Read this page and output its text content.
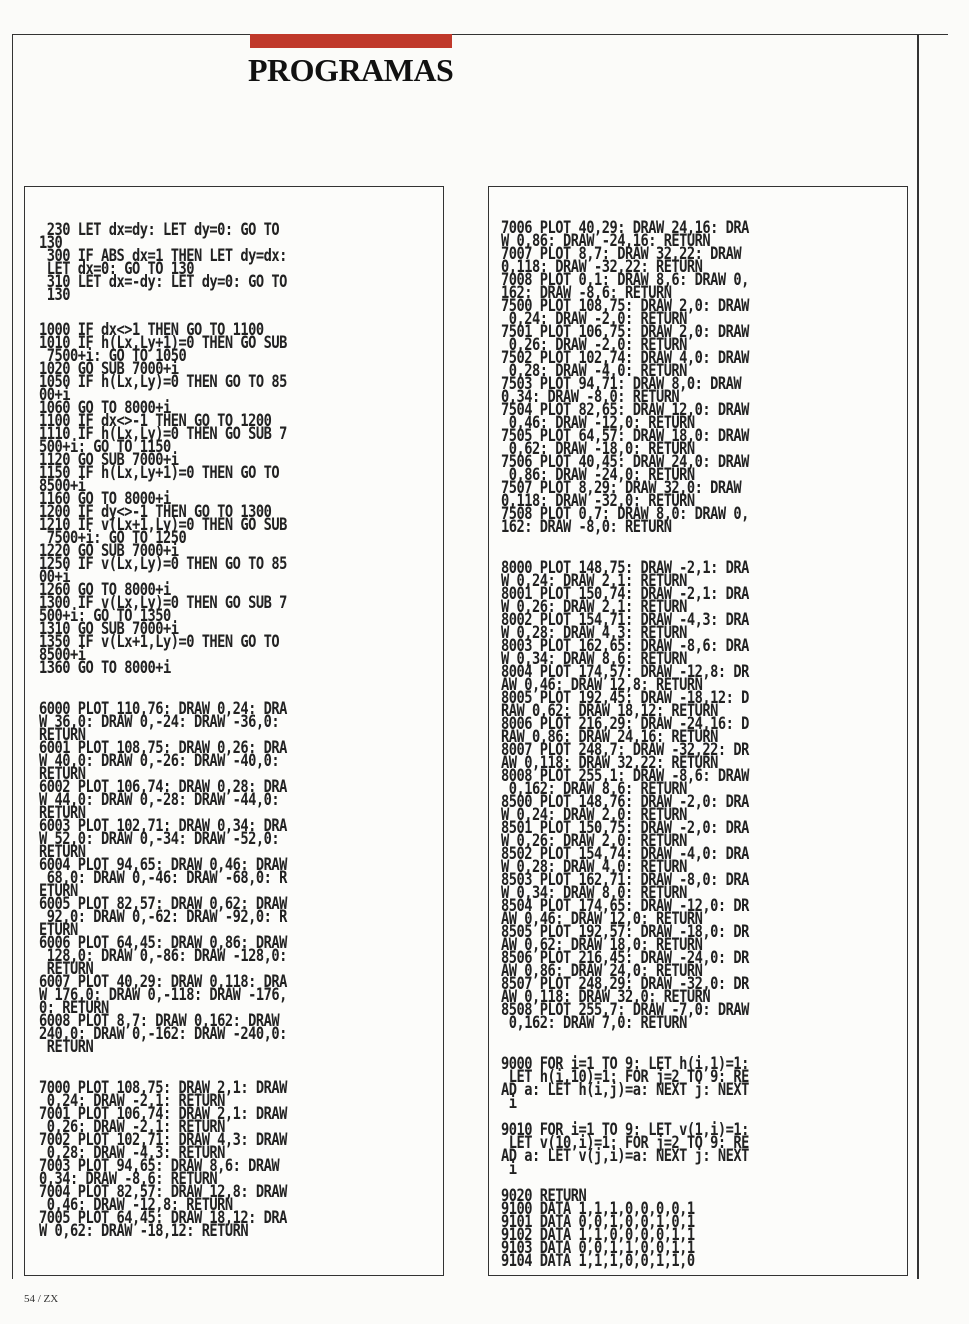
PROGRAMAS
230 LET dx=dy: LET dy=0: GO TO
130
300 IF ABS dx=1 THEN LET dy=dx:
LET dx=0: GO TO 130
310 LET dx=-dy: LET dy=0: GO TO
130
1000 IF dx<>1 THEN GO TO 1100
1010 IF h(Lx,Ly+1)=0 THEN GO SUB
7500+i: GO TO 1050
1020 GO SUB 7000+i
1050 IF h(Lx,Ly)=0 THEN GO TO 85
00+i
1060 GO TO 8000+i
1100 IF dx<>-1 THEN GO TO 1200
1110 IF h(Lx,Ly)=0 THEN GO SUB 7
500+i: GO TO 1150
1120 GO SUB 7000+i
1150 IF h(Lx,Ly+1)=0 THEN GO TO
8500+i
1160 GO TO 8000+i
1200 IF dy<>-1 THEN GO TO 1300
1210 IF v(Lx+1,Ly)=0 THEN GO SUB
7500+i: GO TO 1250
1220 GO SUB 7000+i
1250 IF v(Lx,Ly)=0 THEN GO TO 85
00+i
1260 GO TO 8000+i
1300 IF v(Lx,Ly)=0 THEN GO SUB 7
500+i: GO TO 1350
1310 GO SUB 7000+i
1350 IF v(Lx+1,Ly)=0 THEN GO TO
8500+i
1360 GO TO 8000+i
6000 PLOT 110,76: DRAW 0,24: DRA
W 36,0: DRAW 0,-24: DRAW -36,0:
RETURN
6001 PLOT 108,75: DRAW 0,26: DRA
W 40,0: DRAW 0,-26: DRAW -40,0:
RETURN
6002 PLOT 106,74: DRAW 0,28: DRA
W 44,0: DRAW 0,-28: DRAW -44,0:
RETURN
6003 PLOT 102,71: DRAW 0,34: DRA
W 52,0: DRAW 0,-34: DRAW -52,0:
RETURN
6004 PLOT 94,65: DRAW 0,46: DRAW
68,0: DRAW 0,-46: DRAW -68,0: R
ETURN
6005 PLOT 82,57: DRAW 0,62: DRAW
92,0: DRAW 0,-62: DRAW -92,0: R
ETURN
6006 PLOT 64,45: DRAW 0,86: DRAW
128,0: DRAW 0,-86: DRAW -128,0:
RETURN
6007 PLOT 40,29: DRAW 0,118: DRA
W 176,0: DRAW 0,-118: DRAW -176,
0: RETURN
6008 PLOT 8,7: DRAW 0,162: DRAW
240,0: DRAW 0,-162: DRAW -240,0:
RETURN
7000 PLOT 108,75: DRAW 2,1: DRAW
0,24: DRAW -2,1: RETURN
7001 PLOT 106,74: DRAW 2,1: DRAW
0,26: DRAW -2,1: RETURN
7002 PLOT 102,71: DRAW 4,3: DRAW
0,28: DRAW -4,3: RETURN
7003 PLOT 94,65: DRAW 8,6: DRAW
0,34: DRAW -8,6: RETURN
7004 PLOT 82,57: DRAW 12,8: DRAW
0,46: DRAW -12,8: RETURN
7005 PLOT 64,45: DRAW 18,12: DRA
W 0,62: DRAW -18,12: RETURN
7006 PLOT 40,29: DRAW 24,16: DRA
W 0,86: DRAW -24,16: RETURN
7007 PLOT 8,7: DRAW 32,22: DRAW
0,118: DRAW -32,22: RETURN
7008 PLOT 0,1: DRAW 8,6: DRAW 0,
162: DRAW -8,6: RETURN
7500 PLOT 108,75: DRAW 2,0: DRAW
0,24: DRAW -2,0: RETURN
7501 PLOT 106,75: DRAW 2,0: DRAW
0,26: DRAW -2,0: RETURN
7502 PLOT 102,74: DRAW 4,0: DRAW
0,28: DRAW -4,0: RETURN
7503 PLOT 94,71: DRAW 8,0: DRAW
0,34: DRAW -8,0: RETURN
7504 PLOT 82,65: DRAW 12,0: DRAW
0,46: DRAW -12,0: RETURN
7505 PLOT 64,57: DRAW 18,0: DRAW
0,62: DRAW -18,0: RETURN
7506 PLOT 40,45: DRAW 24,0: DRAW
0,86: DRAW -24,0: RETURN
7507 PLOT 8,29: DRAW 32,0: DRAW
0,118: DRAW -32,0: RETURN
7508 PLOT 0,7: DRAW 8,0: DRAW 0,
162: DRAW -8,0: RETURN
8000 PLOT 148,75: DRAW -2,1: DRA
W 0,24: DRAW 2,1: RETURN
8001 PLOT 150,74: DRAW -2,1: DRA
W 0,26: DRAW 2,1: RETURN
8002 PLOT 154,71: DRAW -4,3: DRA
W 0,28: DRAW 4,3: RETURN
8003 PLOT 162,65: DRAW -8,6: DRA
W 0,34: DRAW 8,6: RETURN
8004 PLOT 174,57: DRAW -12,8: DR
AW 0,46: DRAW 12,8: RETURN
8005 PLOT 192,45: DRAW -18,12: D
RAW 0,62: DRAW 18,12: RETURN
8006 PLOT 216,29: DRAW -24,16: D
RAW 0,86: DRAW 24,16: RETURN
8007 PLOT 248,7: DRAW -32,22: DR
AW 0,118: DRAW 32,22: RETURN
8008 PLOT 255,1: DRAW -8,6: DRAW
0,162: DRAW 8,6: RETURN
8500 PLOT 148,76: DRAW -2,0: DRA
W 0,24: DRAW 2,0: RETURN
8501 PLOT 150,75: DRAW -2,0: DRA
W 0,26: DRAW 2,0: RETURN
8502 PLOT 154,74: DRAW -4,0: DRA
W 0,28: DRAW 4,0: RETURN
8503 PLOT 162,71: DRAW -8,0: DRA
W 0,34: DRAW 8,0: RETURN
8504 PLOT 174,65: DRAW -12,0: DR
AW 0,46: DRAW 12,0: RETURN
8505 PLOT 192,57: DRAW -18,0: DR
AW 0,62: DRAW 18,0: RETURN
8506 PLOT 216,45: DRAW -24,0: DR
AW 0,86: DRAW 24,0: RETURN
8507 PLOT 248,29: DRAW -32,0: DR
AW 0,118: DRAW 32,0: RETURN
8508 PLOT 255,7: DRAW -7,0: DRAW
0,162: DRAW 7,0: RETURN
9000 FOR i=1 TO 9: LET h(i,1)=1:
LET h(i,10)=1: FOR j=2 TO 9: RE
AD a: LET h(i,j)=a: NEXT j: NEXT
i
9010 FOR i=1 TO 9: LET v(1,i)=1:
LET v(10,i)=1: FOR j=2 TO 9: RE
AD a: LET v(j,i)=a: NEXT j: NEXT
i
9020 RETURN
9100 DATA 1,1,1,0,0,0,0,1
9101 DATA 0,0,1,0,0,1,0,1
9102 DATA 1,1,0,0,0,0,1,1
9103 DATA 0,0,1,1,0,0,1,1
9104 DATA 1,1,1,0,0,1,1,0
54 / ZX
